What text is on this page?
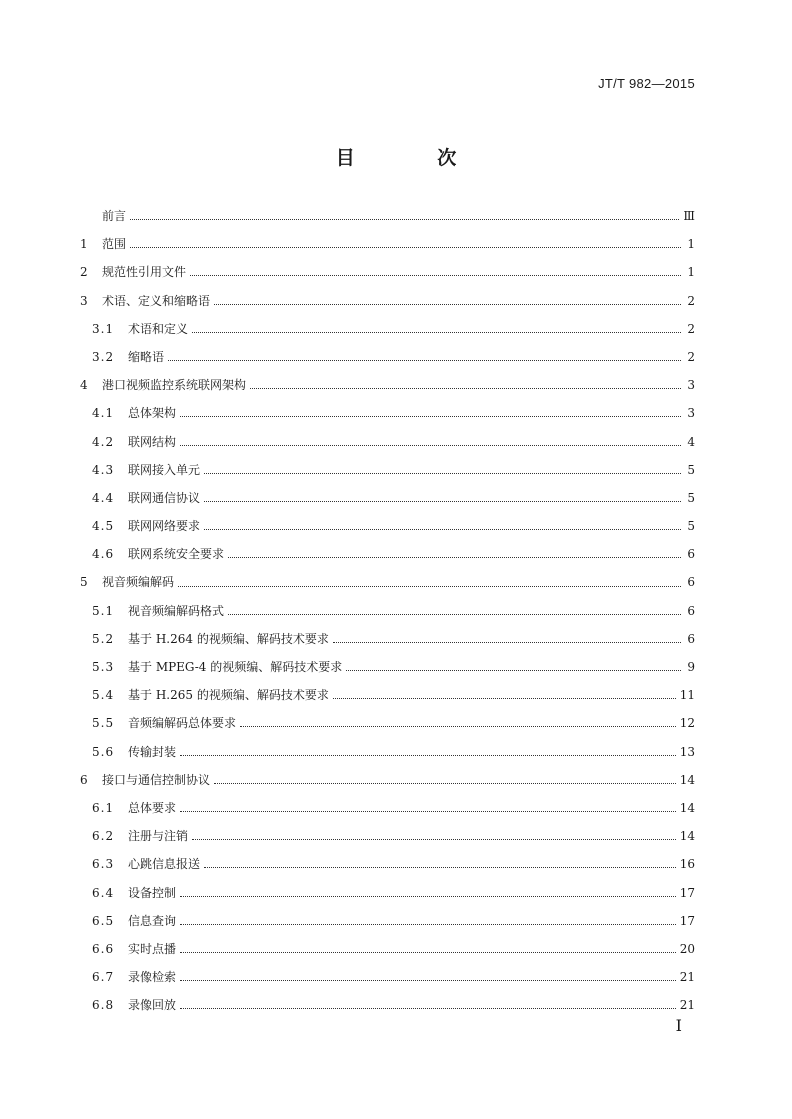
JT/T 982—2015
目 次
前言	Ⅲ
1	范围	1
2	规范性引用文件	1
3	术语、定义和缩略语	2
3.1	术语和定义	2
3.2	缩略语	2
4	港口视频监控系统联网架构	3
4.1	总体架构	3
4.2	联网结构	4
4.3	联网接入单元	5
4.4	联网通信协议	5
4.5	联网网络要求	5
4.6	联网系统安全要求	6
5	视音频编解码	6
5.1	视音频编解码格式	6
5.2	基于 H.264 的视频编、解码技术要求	6
5.3	基于 MPEG-4 的视频编、解码技术要求	9
5.4	基于 H.265 的视频编、解码技术要求	11
5.5	音频编解码总体要求	12
5.6	传输封装	13
6	接口与通信控制协议	14
6.1	总体要求	14
6.2	注册与注销	14
6.3	心跳信息报送	16
6.4	设备控制	17
6.5	信息查询	17
6.6	实时点播	20
6.7	录像检索	21
6.8	录像回放	21
Ⅰ
